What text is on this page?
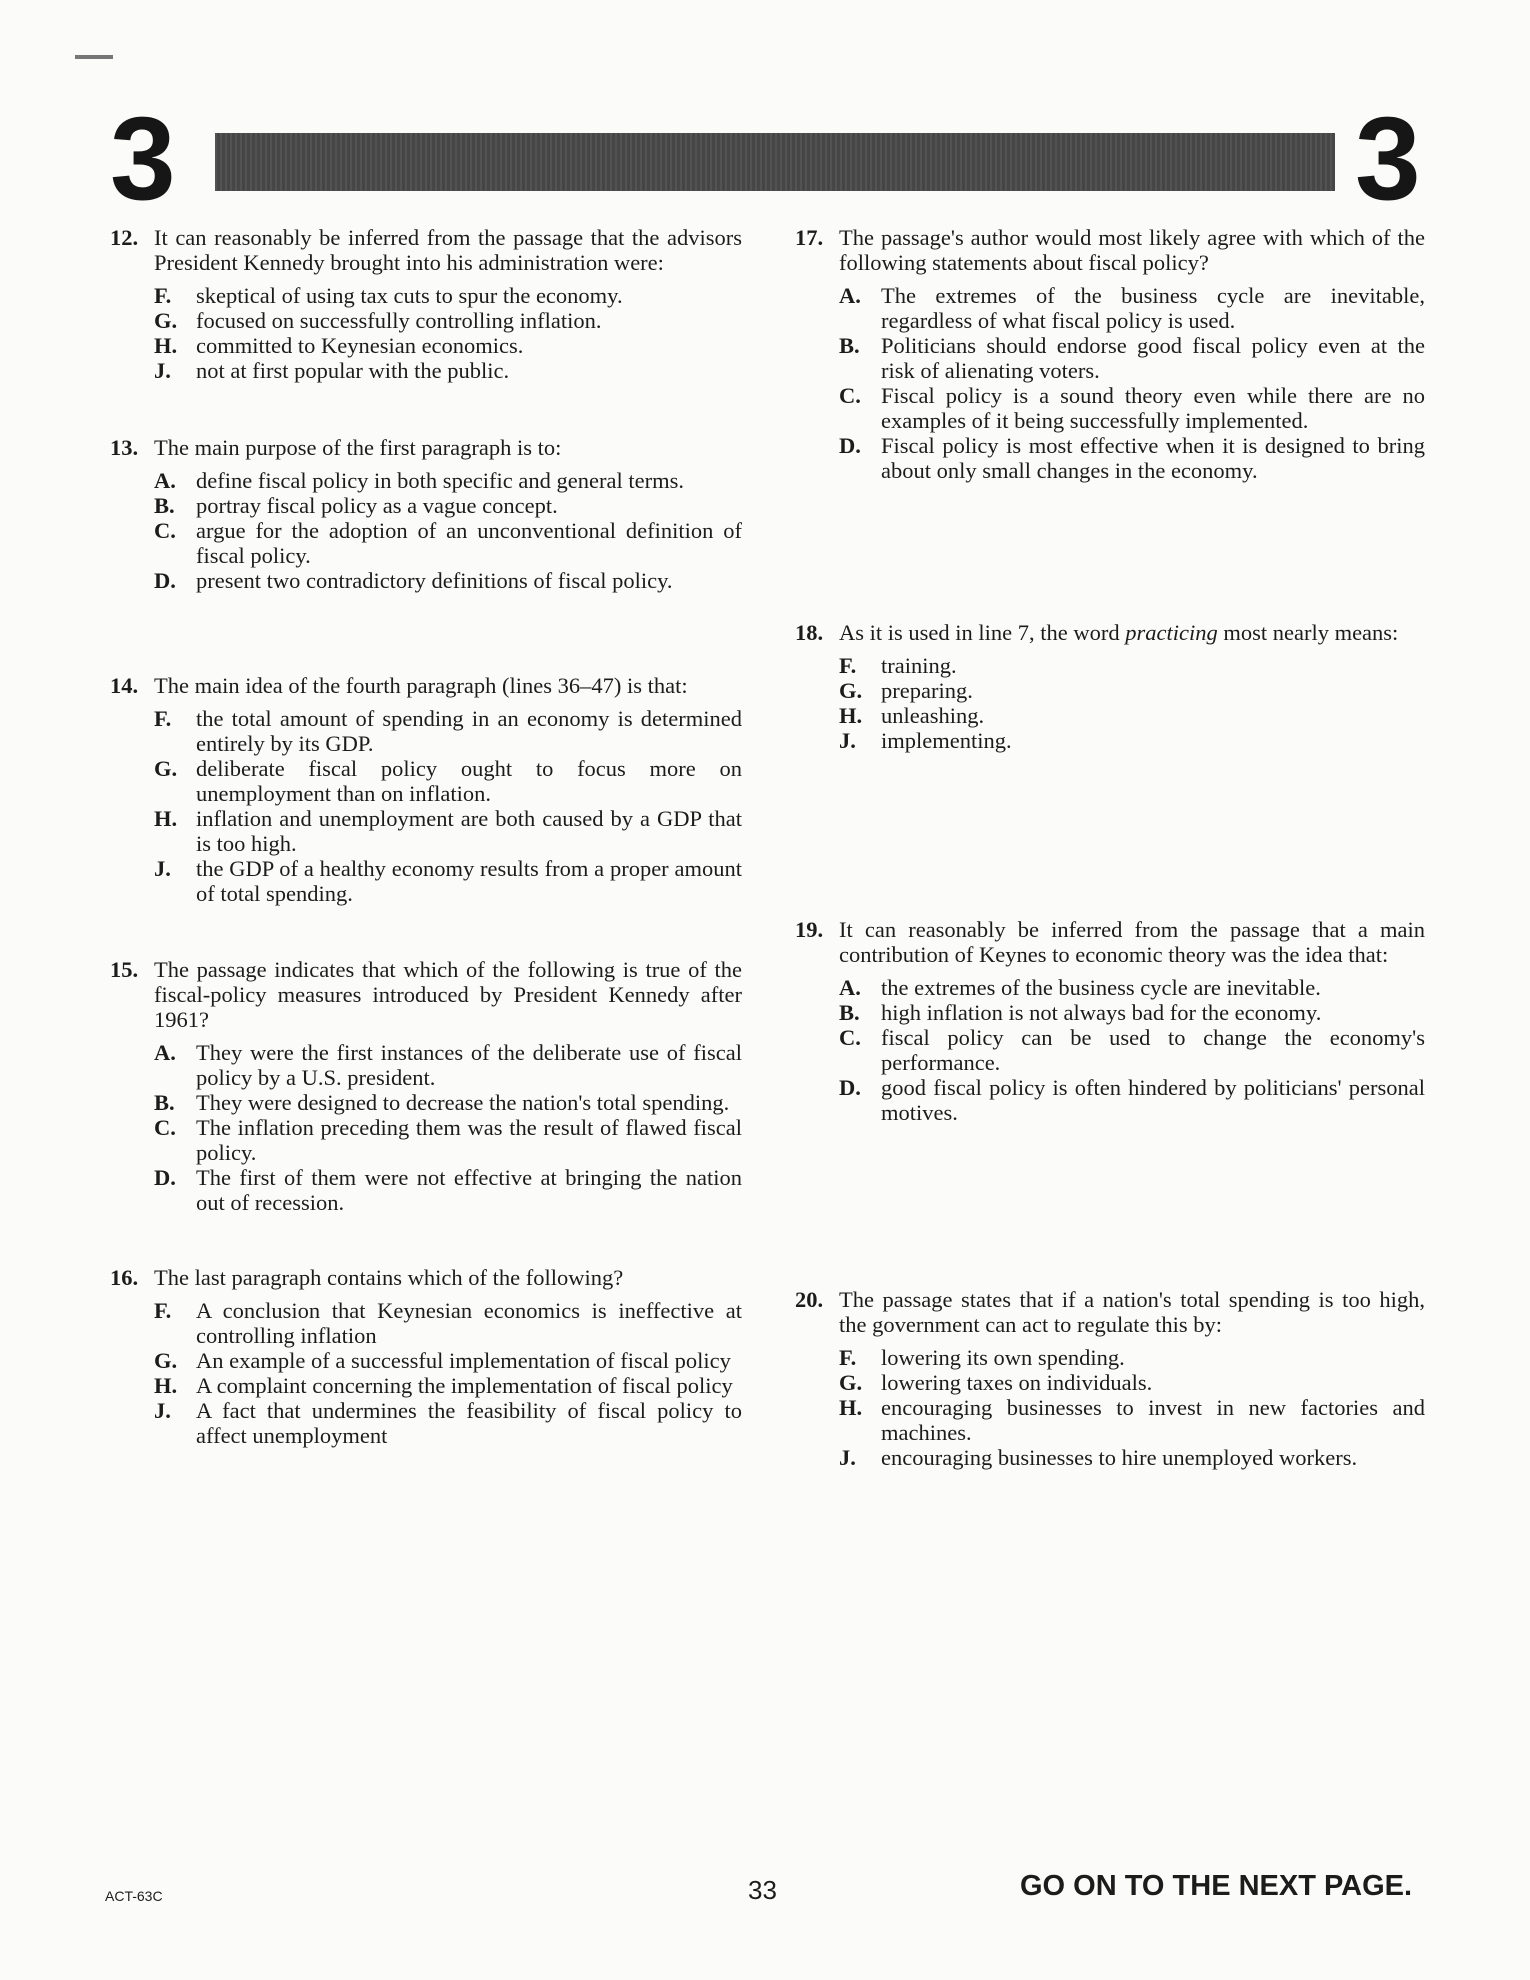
3	3
12. It can reasonably be inferred from the passage that the advisors President Kennedy brought into his administration were:
F.	skeptical of using tax cuts to spur the economy.
G. focused on successfully controlling inflation.
H. committed to Keynesian economics.
J.	not at first popular with the public.
13. The main purpose of the first paragraph is to:
A. define fiscal policy in both specific and general terms.
B. portray fiscal policy as a vague concept.
C. argue for the adoption of an unconventional definition of fiscal policy.
D. present two contradictory definitions of fiscal policy.
14. The main idea of the fourth paragraph (lines 36–47) is that:
F.	the total amount of spending in an economy is determined entirely by its GDP.
G. deliberate fiscal policy ought to focus more on unemployment than on inflation.
H. inflation and unemployment are both caused by a GDP that is too high.
J.	the GDP of a healthy economy results from a proper amount of total spending.
15. The passage indicates that which of the following is true of the fiscal-policy measures introduced by President Kennedy after 1961?
A. They were the first instances of the deliberate use of fiscal policy by a U.S. president.
B. They were designed to decrease the nation's total spending.
C. The inflation preceding them was the result of flawed fiscal policy.
D. The first of them were not effective at bringing the nation out of recession.
16. The last paragraph contains which of the following?
F.	A conclusion that Keynesian economics is ineffective at controlling inflation
G. An example of a successful implementation of fiscal policy
H. A complaint concerning the implementation of fiscal policy
J.	A fact that undermines the feasibility of fiscal policy to affect unemployment
17. The passage's author would most likely agree with which of the following statements about fiscal policy?
A. The extremes of the business cycle are inevitable, regardless of what fiscal policy is used.
B. Politicians should endorse good fiscal policy even at the risk of alienating voters.
C. Fiscal policy is a sound theory even while there are no examples of it being successfully implemented.
D. Fiscal policy is most effective when it is designed to bring about only small changes in the economy.
18. As it is used in line 7, the word practicing most nearly means:
F.	training.
G. preparing.
H. unleashing.
J.	implementing.
19. It can reasonably be inferred from the passage that a main contribution of Keynes to economic theory was the idea that:
A. the extremes of the business cycle are inevitable.
B. high inflation is not always bad for the economy.
C. fiscal policy can be used to change the economy's performance.
D. good fiscal policy is often hindered by politicians' personal motives.
20. The passage states that if a nation's total spending is too high, the government can act to regulate this by:
F.	lowering its own spending.
G. lowering taxes on individuals.
H. encouraging businesses to invest in new factories and machines.
J.	encouraging businesses to hire unemployed workers.
ACT-63C	33	GO ON TO THE NEXT PAGE.
